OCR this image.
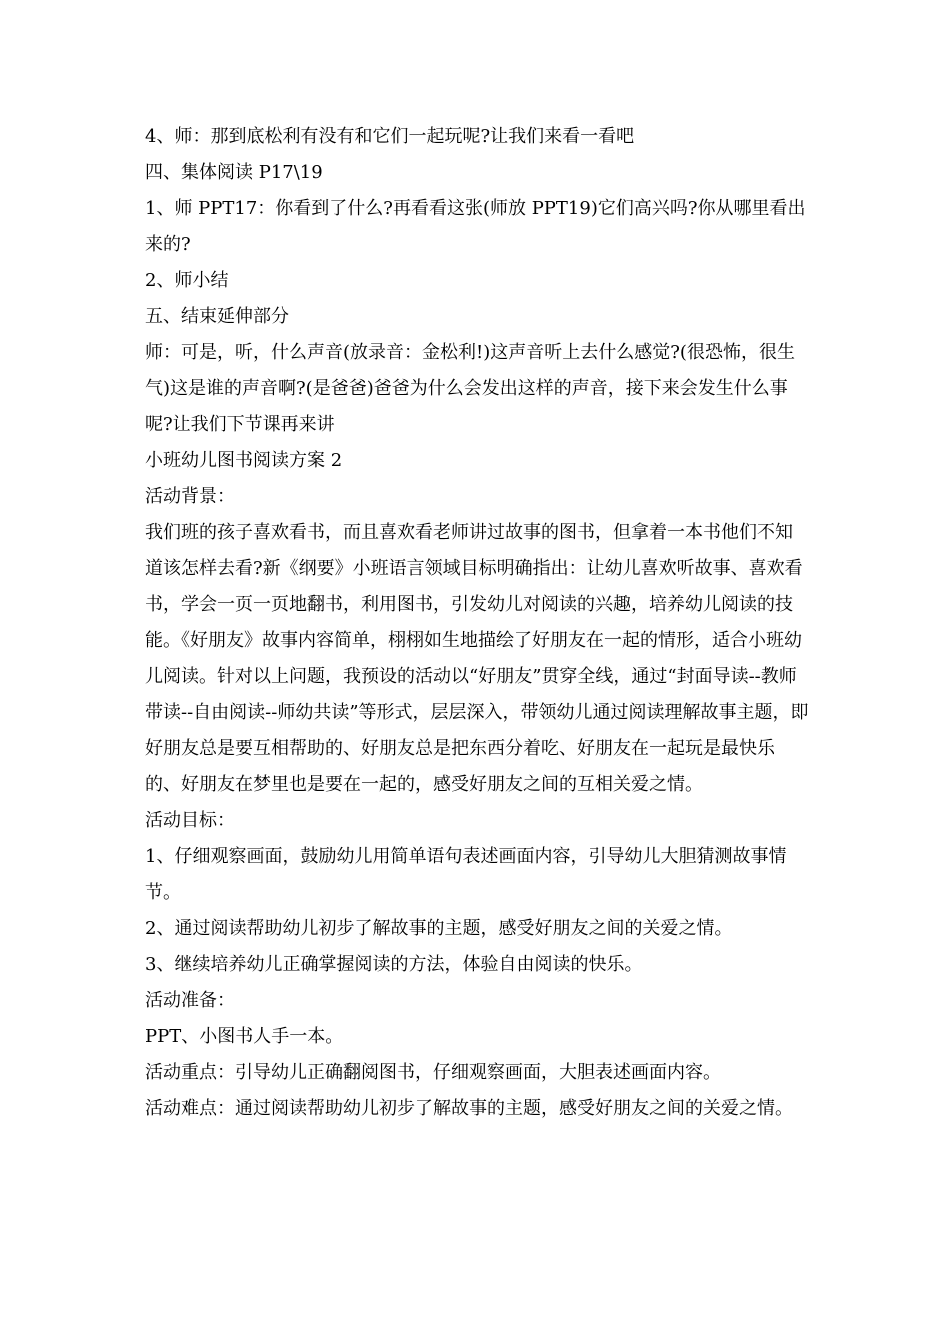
4、师：那到底松利有没有和它们一起玩呢?让我们来看一看吧

四、集体阅读 P17\19

1、师 PPT17：你看到了什么?再看看这张(师放 PPT19)它们高兴吗?你从哪里看出来的?

2、师小结

五、结束延伸部分

师：可是，听，什么声音(放录音：金松利!)这声音听上去什么感觉?(很恐怖，很生气)这是谁的声音啊?(是爸爸)爸爸为什么会发出这样的声音，接下来会发生什么事呢?让我们下节课再来讲

小班幼儿图书阅读方案 2

活动背景：

我们班的孩子喜欢看书，而且喜欢看老师讲过故事的图书，但拿着一本书他们不知道该怎样去看?新《纲要》小班语言领域目标明确指出：让幼儿喜欢听故事、喜欢看书，学会一页一页地翻书，利用图书，引发幼儿对阅读的兴趣，培养幼儿阅读的技能。《好朋友》故事内容简单，栩栩如生地描绘了好朋友在一起的情形，适合小班幼儿阅读。针对以上问题，我预设的活动以“好朋友”贯穿全线，通过“封面导读--教师带读--自由阅读--师幼共读”等形式，层层深入，带领幼儿通过阅读理解故事主题，即好朋友总是要互相帮助的、好朋友总是把东西分着吃、好朋友在一起玩是最快乐的、好朋友在梦里也是要在一起的，感受好朋友之间的互相关爱之情。

活动目标：

1、仔细观察画面，鼓励幼儿用简单语句表述画面内容，引导幼儿大胆猜测故事情节。

2、通过阅读帮助幼儿初步了解故事的主题，感受好朋友之间的关爱之情。

3、继续培养幼儿正确掌握阅读的方法，体验自由阅读的快乐。

活动准备：

PPT、小图书人手一本。

活动重点：引导幼儿正确翻阅图书，仔细观察画面，大胆表述画面内容。

活动难点：通过阅读帮助幼儿初步了解故事的主题，感受好朋友之间的关爱之情。
